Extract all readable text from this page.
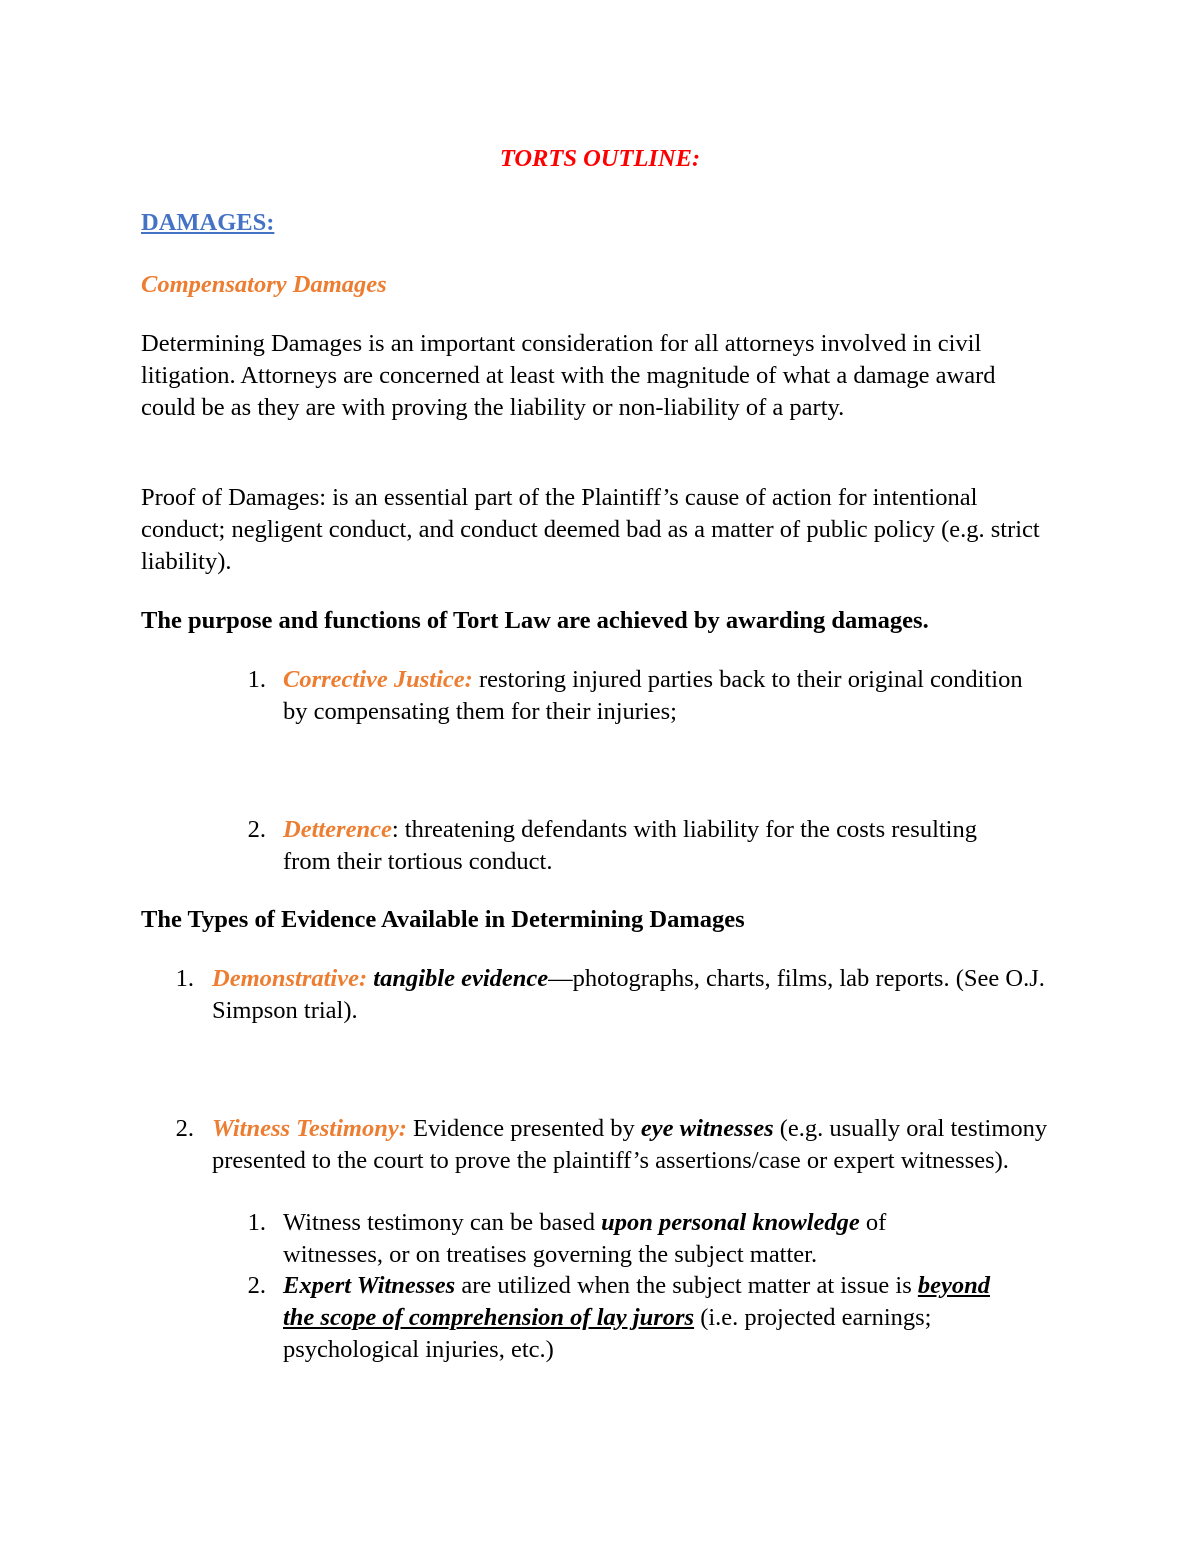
TORTS OUTLINE:

DAMAGES:

Compensatory Damages

Determining Damages is an important consideration for all attorneys involved in civil litigation. Attorneys are concerned at least with the magnitude of what a damage award could be as they are with proving the liability or non-liability of a party.

Proof of Damages: is an essential part of the Plaintiff’s cause of action for intentional conduct; negligent conduct, and conduct deemed bad as a matter of public policy (e.g. strict liability).

The purpose and functions of Tort Law are achieved by awarding damages.

1. Corrective Justice: restoring injured parties back to their original condition by compensating them for their injuries;

2. Detterence: threatening defendants with liability for the costs resulting from their tortious conduct.

The Types of Evidence Available in Determining Damages

1. Demonstrative: tangible evidence—photographs, charts, films, lab reports. (See O.J. Simpson trial).

2. Witness Testimony: Evidence presented by eye witnesses (e.g. usually oral testimony presented to the court to prove the plaintiff’s assertions/case or expert witnesses).

1. Witness testimony can be based upon personal knowledge of witnesses, or on treatises governing the subject matter.

2. Expert Witnesses are utilized when the subject matter at issue is beyond the scope of comprehension of lay jurors (i.e. projected earnings; psychological injuries, etc.)
